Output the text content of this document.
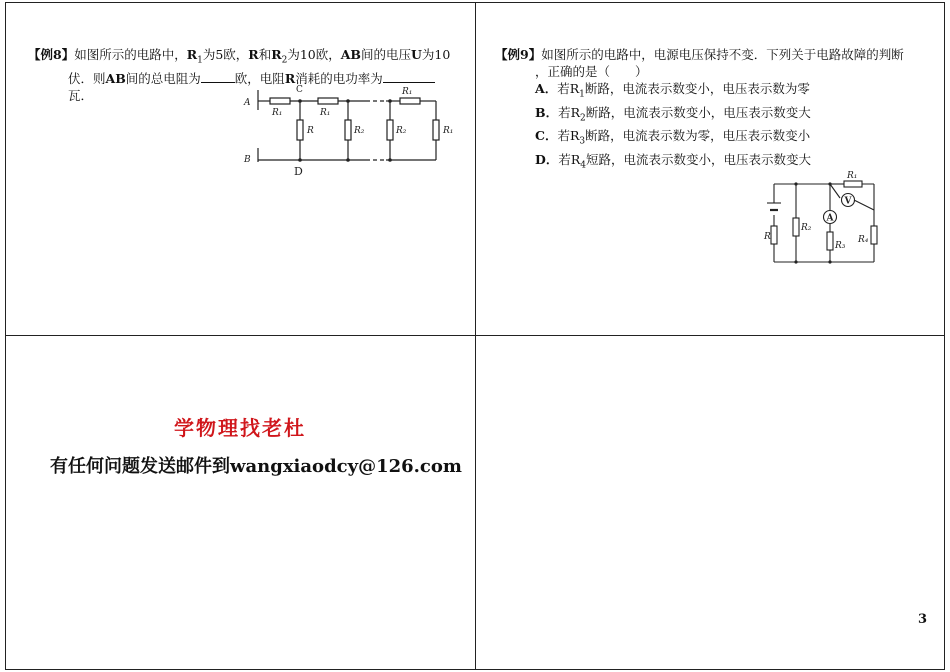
【例8】如图所示的电路中，$R_1$为5欧，R和$R_2$为10欧，AB间的电压U为10
伏．则AB间的总电阻为	欧，电阻R消耗的电功率为
瓦．
A
B
C
D
R₁	R₁
R₁
R	R₂	R₂	R₁
【例9】如图所示的电路中，电源电压保持不变．下列关于电路故障的判断
，正确的是（　　）
A．若$R_1$断路，电流表示数变小，电压表示数为零
B．若$R_2$断路，电流表示数变小，电压表示数变大
C．若$R_3$断路，电流表示数为零，电压表示数变小
D．若$R_4$短路，电流表示数变小，电压表示数变大
R₁
R₂
R₃
R₄
R
V
A
学物理找老杜
有任何问题发送邮件到wangxiaodcy@126.com
3
